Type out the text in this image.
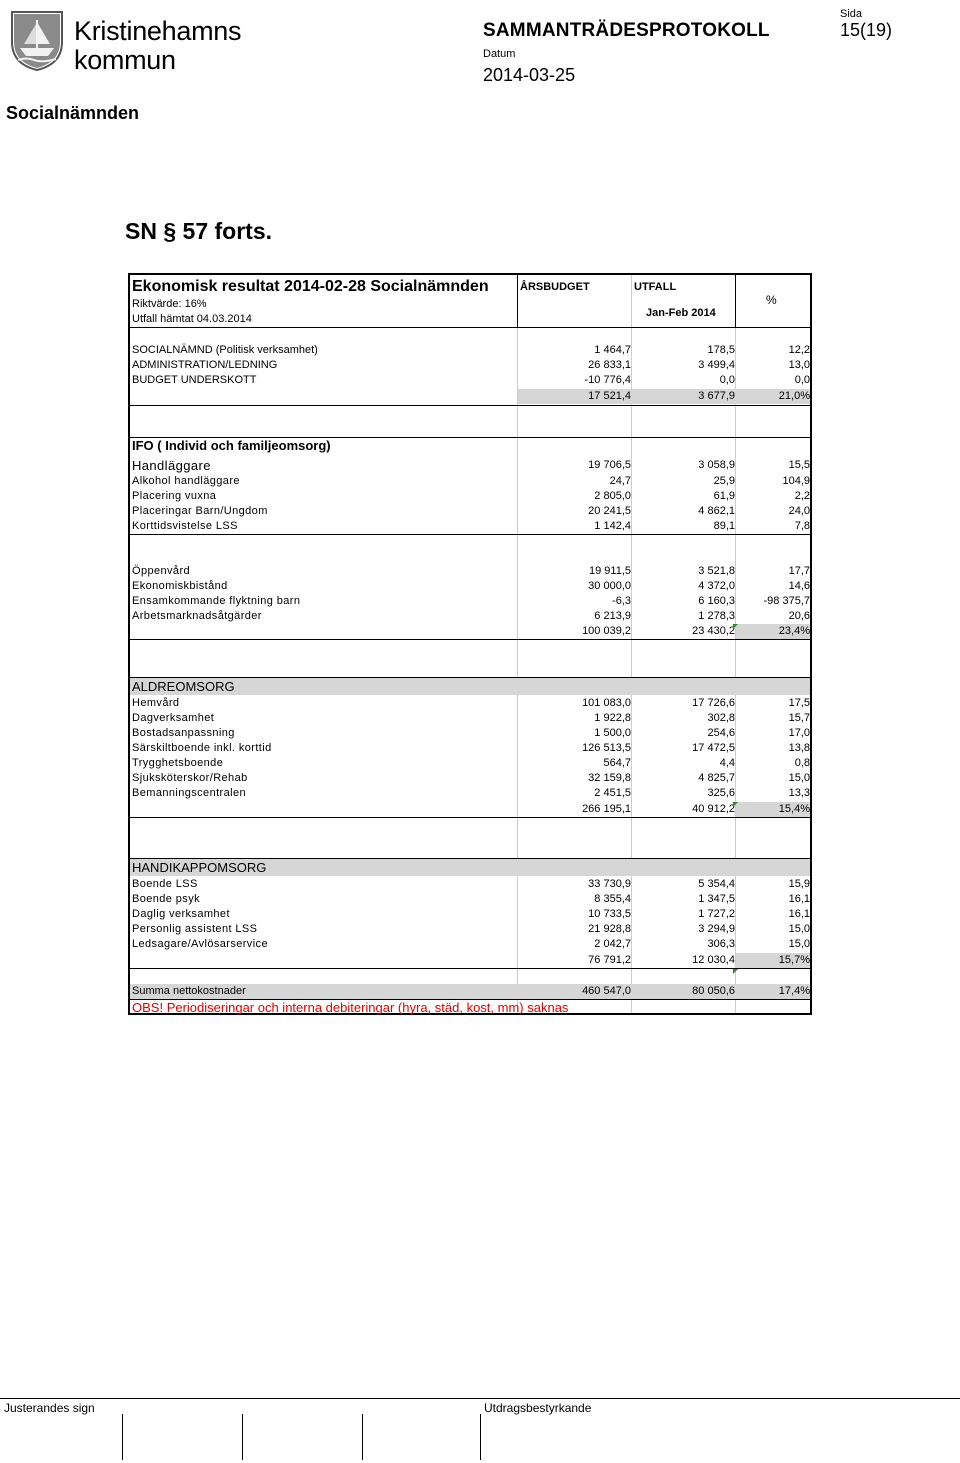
Kristinehamns
kommun
Socialnämnden
SAMMANTRÄDESPROTOKOLL
Datum
2014-03-25
Sida
15(19)
SN § 57 forts.
Ekonomisk resultat 2014-02-28 Socialnämnden
Riktvärde: 16%
Utfall hämtat 04.03.2014
ÅRSBUDGET	UTFALL
Jan-Feb 2014
%
SOCIALNÄMND (Politisk verksamhet)	1 464,7	178,5	12,2
ADMINISTRATION/LEDNING	26 833,1	3 499,4	13,0
BUDGET UNDERSKOTT	-10 776,4	0,0	0,0
17 521,4	3 677,9	21,0%
IFO ( Individ och familjeomsorg)
Handläggare	19 706,5	3 058,9	15,5
Alkohol handläggare	24,7	25,9	104,9
Placering vuxna	2 805,0	61,9	2,2
Placeringar Barn/Ungdom	20 241,5	4 862,1	24,0
Korttidsvistelse LSS	1 142,4	89,1	7,8
Öppenvård	19 911,5	3 521,8	17,7
Ekonomiskbistånd	30 000,0	4 372,0	14,6
Ensamkommande flyktning barn	-6,3	6 160,3	-98 375,7
Arbetsmarknadsåtgärder	6 213,9	1 278,3	20,6
100 039,2	23 430,2	23,4%
ALDREOMSORG
Hemvård	101 083,0	17 726,6	17,5
Dagverksamhet	1 922,8	302,8	15,7
Bostadsanpassning	1 500,0	254,6	17,0
Särskiltboende inkl. korttid	126 513,5	17 472,5	13,8
Trygghetsboende	564,7	4,4	0,8
Sjuksköterskor/Rehab	32 159,8	4 825,7	15,0
Bemanningscentralen	2 451,5	325,6	13,3
266 195,1	40 912,2	15,4%
HANDIKAPPOMSORG
Boende LSS	33 730,9	5 354,4	15,9
Boende psyk	8 355,4	1 347,5	16,1
Daglig verksamhet	10 733,5	1 727,2	16,1
Personlig assistent LSS	21 928,8	3 294,9	15,0
Ledsagare/Avlösarservice	2 042,7	306,3	15,0
76 791,2	12 030,4	15,7%
Summa nettokostnader	460 547,0	80 050,6	17,4%
OBS! Periodiseringar och interna debiteringar (hyra, städ, kost, mm) saknas
Justerandes sign	Utdragsbestyrkande
